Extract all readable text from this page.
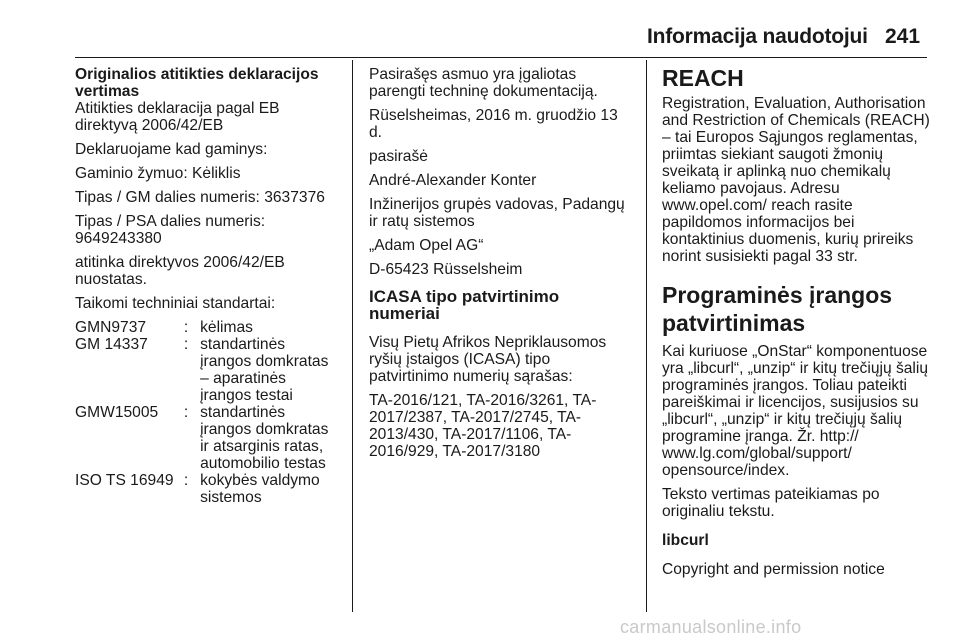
Informacija naudotojui 241

Originalios atitikties deklaracijos vertimas

Atitikties deklaracija pagal EB direktyvą 2006/42/EB

Deklaruojame kad gaminys:

Gaminio žymuo: Kėliklis

Tipas / GM dalies numeris: 3637376

Tipas / PSA dalies numeris: 9649243380

atitinka direktyvos 2006/42/EB nuostatas.

Taikomi techniniai standartai:

GMN9737	:	kėlimas
GM 14337	:	standartinės įrangos domkratas – aparatinės įrangos testai
GMW15005	:	standartinės įrangos domkratas ir atsarginis ratas, automobilio testas
ISO TS 16949	:	kokybės valdymo sistemos

Pasirašęs asmuo yra įgaliotas parengti techninę dokumentaciją.

Rüselsheimas, 2016 m. gruodžio 13 d.

pasirašė

André-Alexander Konter

Inžinerijos grupės vadovas, Padangų ir ratų sistemos

„Adam Opel AG“

D-65423 Rüsselsheim

ICASA tipo patvirtinimo numeriai

Visų Pietų Afrikos Nepriklausomos ryšių įstaigos (ICASA) tipo patvirtinimo numerių sąrašas:

TA-2016/121, TA-2016/3261, TA-2017/2387, TA-2017/2745, TA-2013/430, TA-2017/1106, TA-2016/929, TA-2017/3180

REACH

Registration, Evaluation, Authorisation and Restriction of Chemicals (REACH) – tai Europos Sąjungos reglamentas, priimtas siekiant saugoti žmonių sveikatą ir aplinką nuo chemikalų keliamo pavojaus. Adresu www.opel.com/ reach rasite papildomos informacijos bei kontaktinius duomenis, kurių prireiks norint susisiekti pagal 33 str.

Programinės įrangos patvirtinimas

Kai kuriuose „OnStar“ komponentuose yra „libcurl“, „unzip“ ir kitų trečiųjų šalių programinės įrangos. Toliau pateikti pareiškimai ir licencijos, susijusios su „libcurl“, „unzip“ ir kitų trečiųjų šalių programine įranga. Žr. http:// www.lg.com/global/support/ opensource/index.

Teksto vertimas pateikiamas po originaliu tekstu.

libcurl

Copyright and permission notice

carmanualsonline.info
